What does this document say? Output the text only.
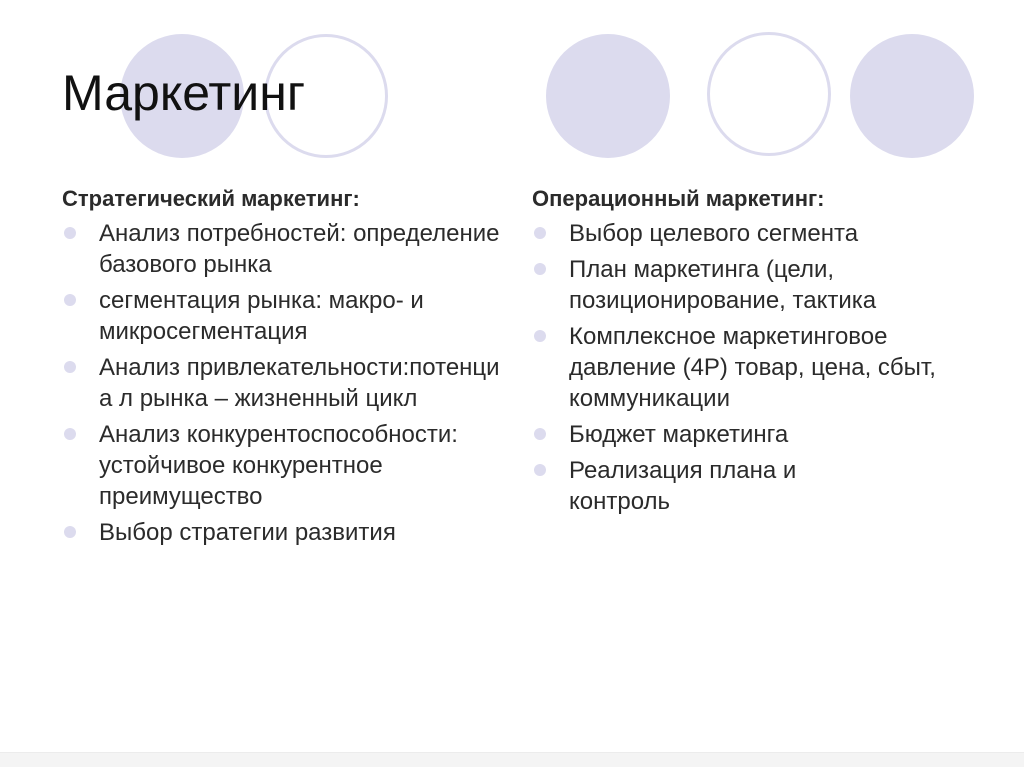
Маркетинг
Стратегический маркетинг:
Анализ потребностей: определение базового рынка
сегментация рынка: макро- и микросегментация
Анализ привлекательности:потенциа л рынка – жизненный цикл
Анализ конкурентоспособности: устойчивое конкурентное преимущество
Выбор стратегии развития
Операционный маркетинг:
Выбор целевого сегмента
План маркетинга (цели, позиционирование, тактика
Комплексное маркетинговое давление (4Р) товар, цена, сбыт, коммуникации
Бюджет маркетинга
Реализация плана и контроль
